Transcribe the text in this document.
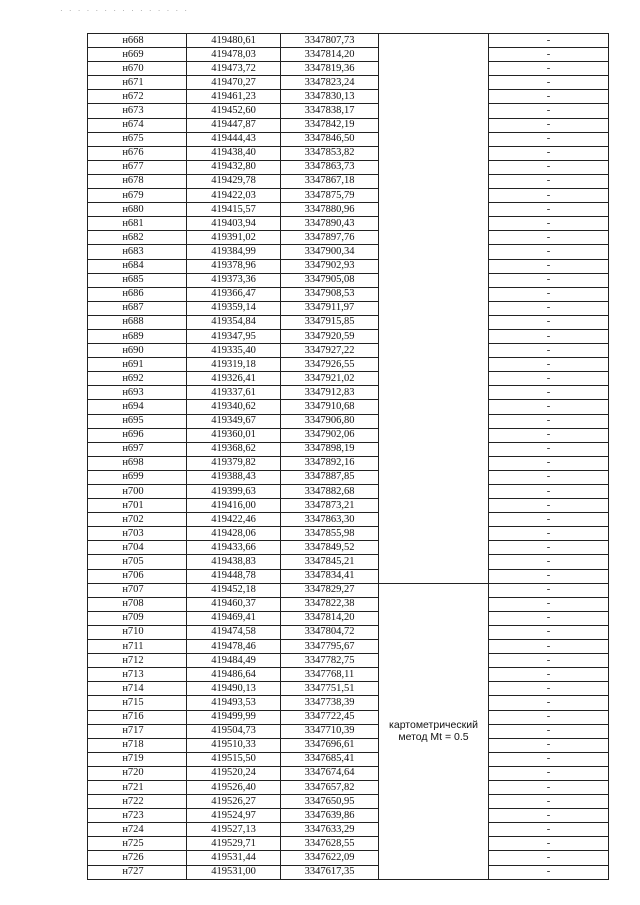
· · · · · · · · · · · · · · ·
н668	419480,61	3347807,73		-
н669	419478,03	3347814,20		-
н670	419473,72	3347819,36		-
н671	419470,27	3347823,24		-
н672	419461,23	3347830,13		-
н673	419452,60	3347838,17		-
н674	419447,87	3347842,19		-
н675	419444,43	3347846,50		-
н676	419438,40	3347853,82		-
н677	419432,80	3347863,73		-
н678	419429,78	3347867,18		-
н679	419422,03	3347875,79		-
н680	419415,57	3347880,96		-
н681	419403,94	3347890,43		-
н682	419391,02	3347897,76		-
н683	419384,99	3347900,34		-
н684	419378,96	3347902,93		-
н685	419373,36	3347905,08		-
н686	419366,47	3347908,53		-
н687	419359,14	3347911,97		-
н688	419354,84	3347915,85		-
н689	419347,95	3347920,59		-
н690	419335,40	3347927,22		-
н691	419319,18	3347926,55		-
н692	419326,41	3347921,02		-
н693	419337,61	3347912,83		-
н694	419340,62	3347910,68		-
н695	419349,67	3347906,80		-
н696	419360,01	3347902,06		-
н697	419368,62	3347898,19		-
н698	419379,82	3347892,16		-
н699	419388,43	3347887,85		-
н700	419399,63	3347882,68		-
н701	419416,00	3347873,21		-
н702	419422,46	3347863,30		-
н703	419428,06	3347855,98		-
н704	419433,66	3347849,52		-
н705	419438,83	3347845,21		-
н706	419448,78	3347834,41		-
н707	419452,18	3347829,27	картометрический метод Mt = 0.5	-
н708	419460,37	3347822,38		-
н709	419469,41	3347814,20		-
н710	419474,58	3347804,72		-
н711	419478,46	3347795,67		-
н712	419484,49	3347782,75		-
н713	419486,64	3347768,11		-
н714	419490,13	3347751,51		-
н715	419493,53	3347738,39		-
н716	419499,99	3347722,45		-
н717	419504,73	3347710,39		-
н718	419510,33	3347696,61		-
н719	419515,50	3347685,41		-
н720	419520,24	3347674,64		-
н721	419526,40	3347657,82		-
н722	419526,27	3347650,95		-
н723	419524,97	3347639,86		-
н724	419527,13	3347633,29		-
н725	419529,71	3347628,55		-
н726	419531,44	3347622,09		-
н727	419531,00	3347617,35		-
